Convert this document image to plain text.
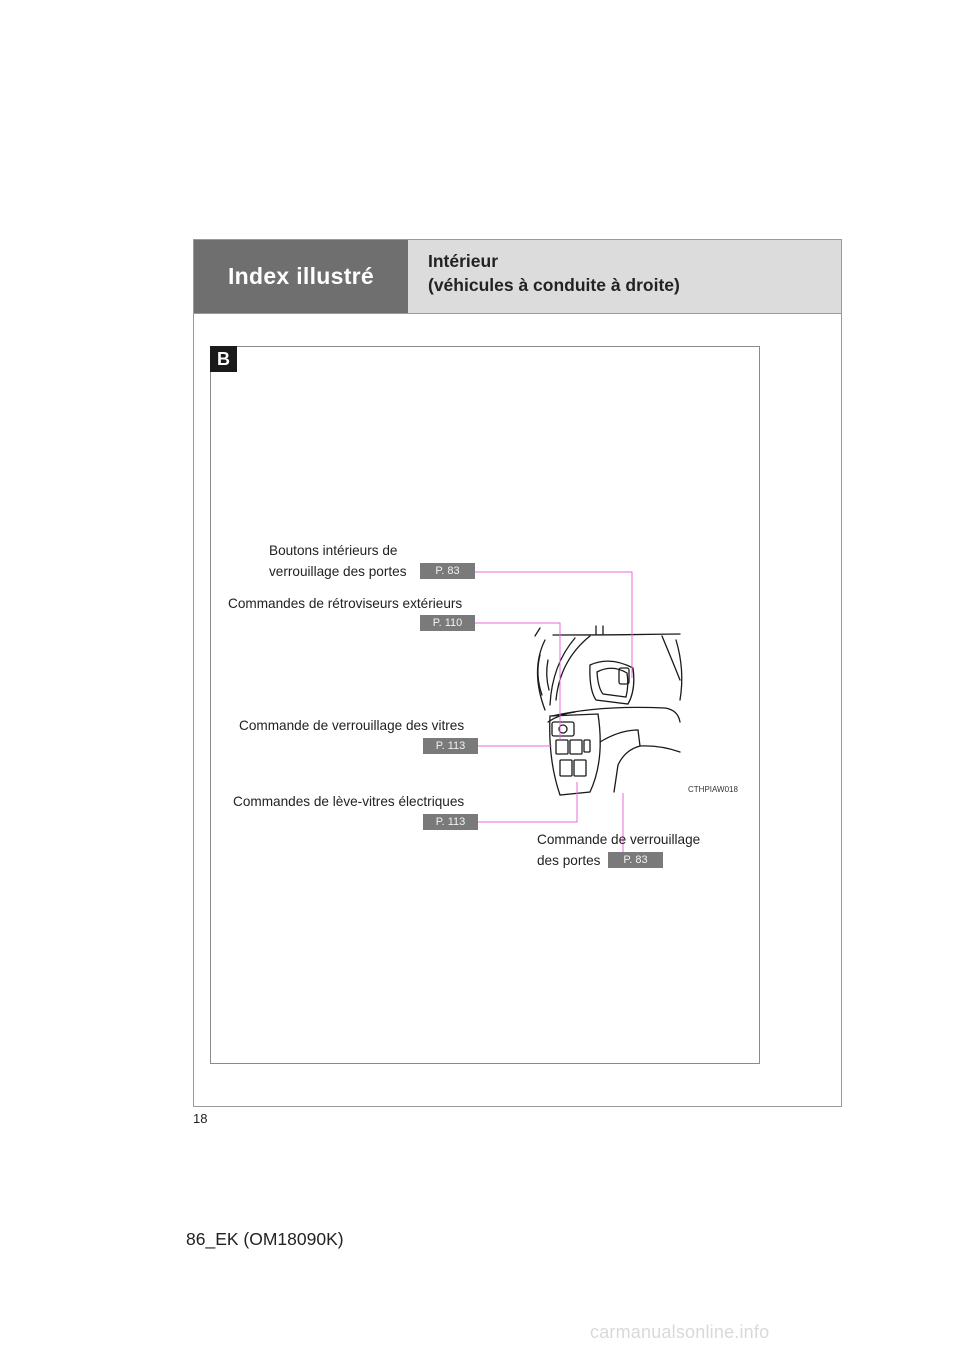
Index illustré
Intérieur
(véhicules à conduite à droite)
B
Boutons intérieurs de
verrouillage des portes	P. 83
Commandes de rétroviseurs extérieurs
P. 110
Commande de verrouillage des vitres
P. 113
Commandes de lève-vitres électriques
P. 113
Commande de verrouillage
des portes	P. 83
CTHPIAW018
18
86_EK (OM18090K)
carmanualsonline.info
